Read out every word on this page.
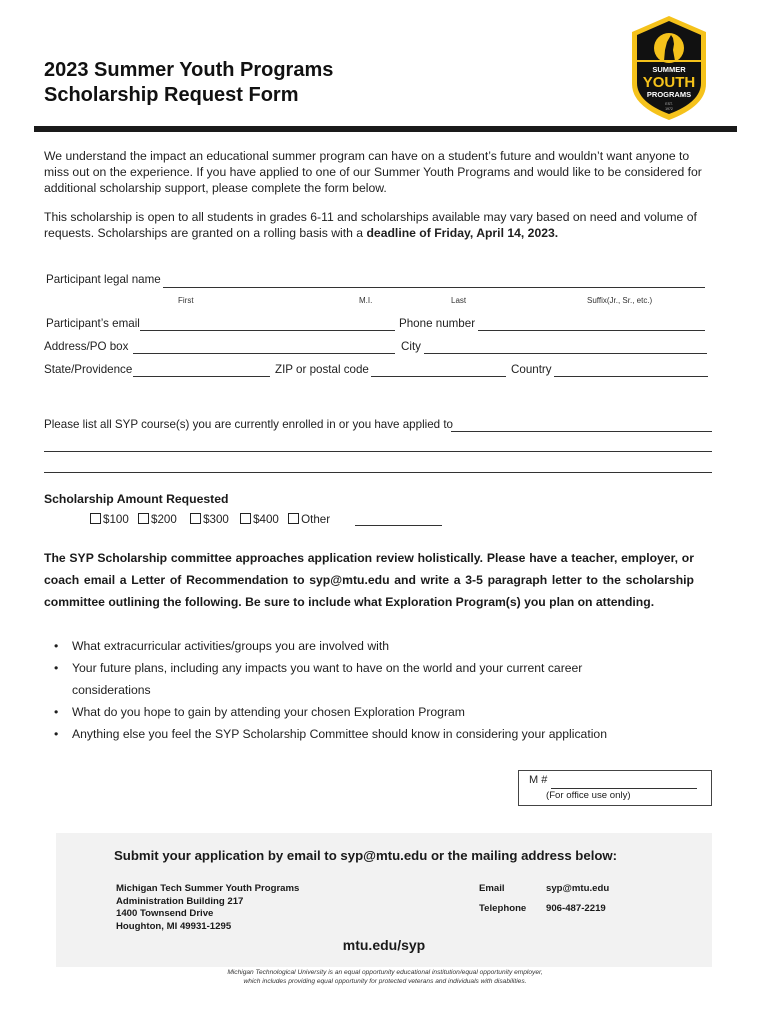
2023 Summer Youth Programs
Scholarship Request Form
SUMMER
YOUTH
PROGRAMS
EST.
1972
We understand the impact an educational summer program can have on a student’s future and wouldn’t want anyone to miss out on the experience. If you have applied to one of our Summer Youth Programs and would like to be considered for additional scholarship support, please complete the form below.
This scholarship is open to all students in grades 6-11 and scholarships available may vary based on need and volume of requests. Scholarships are granted on a rolling basis with a deadline of Friday, April 14, 2023.
Participant legal name
First	M.I.	Last	Suffix(Jr., Sr., etc.)
Participant’s email	Phone number
Address/PO box	City
State/Providence	ZIP or postal code	Country
Please list all SYP course(s) you are currently enrolled in or you have applied to
Scholarship Amount Requested
$100 $200 $300 $400 Other
The SYP Scholarship committee approaches application review holistically. Please have a teacher, employer, or coach email a Letter of Recommendation to syp@mtu.edu and write a 3-5 paragraph letter to the scholarship committee outlining the following. Be sure to include what Exploration Program(s) you plan on attending.
• What extracurricular activities/groups you are involved with
• Your future plans, including any impacts you want to have on the world and your current career
considerations
• What do you hope to gain by attending your chosen Exploration Program
• Anything else you feel the SYP Scholarship Committee should know in considering your application
M #
(For office use only)
Submit your application by email to syp@mtu.edu or the mailing address below:
Michigan Tech Summer Youth Programs
Administration Building 217
1400 Townsend Drive
Houghton, MI 49931-1295
Email	syp@mtu.edu
Telephone 906-487-2219
mtu.edu/syp
Michigan Technological University is an equal opportunity educational institution/equal opportunity employer,
which includes providing equal opportunity for protected veterans and individuals with disabilities.
